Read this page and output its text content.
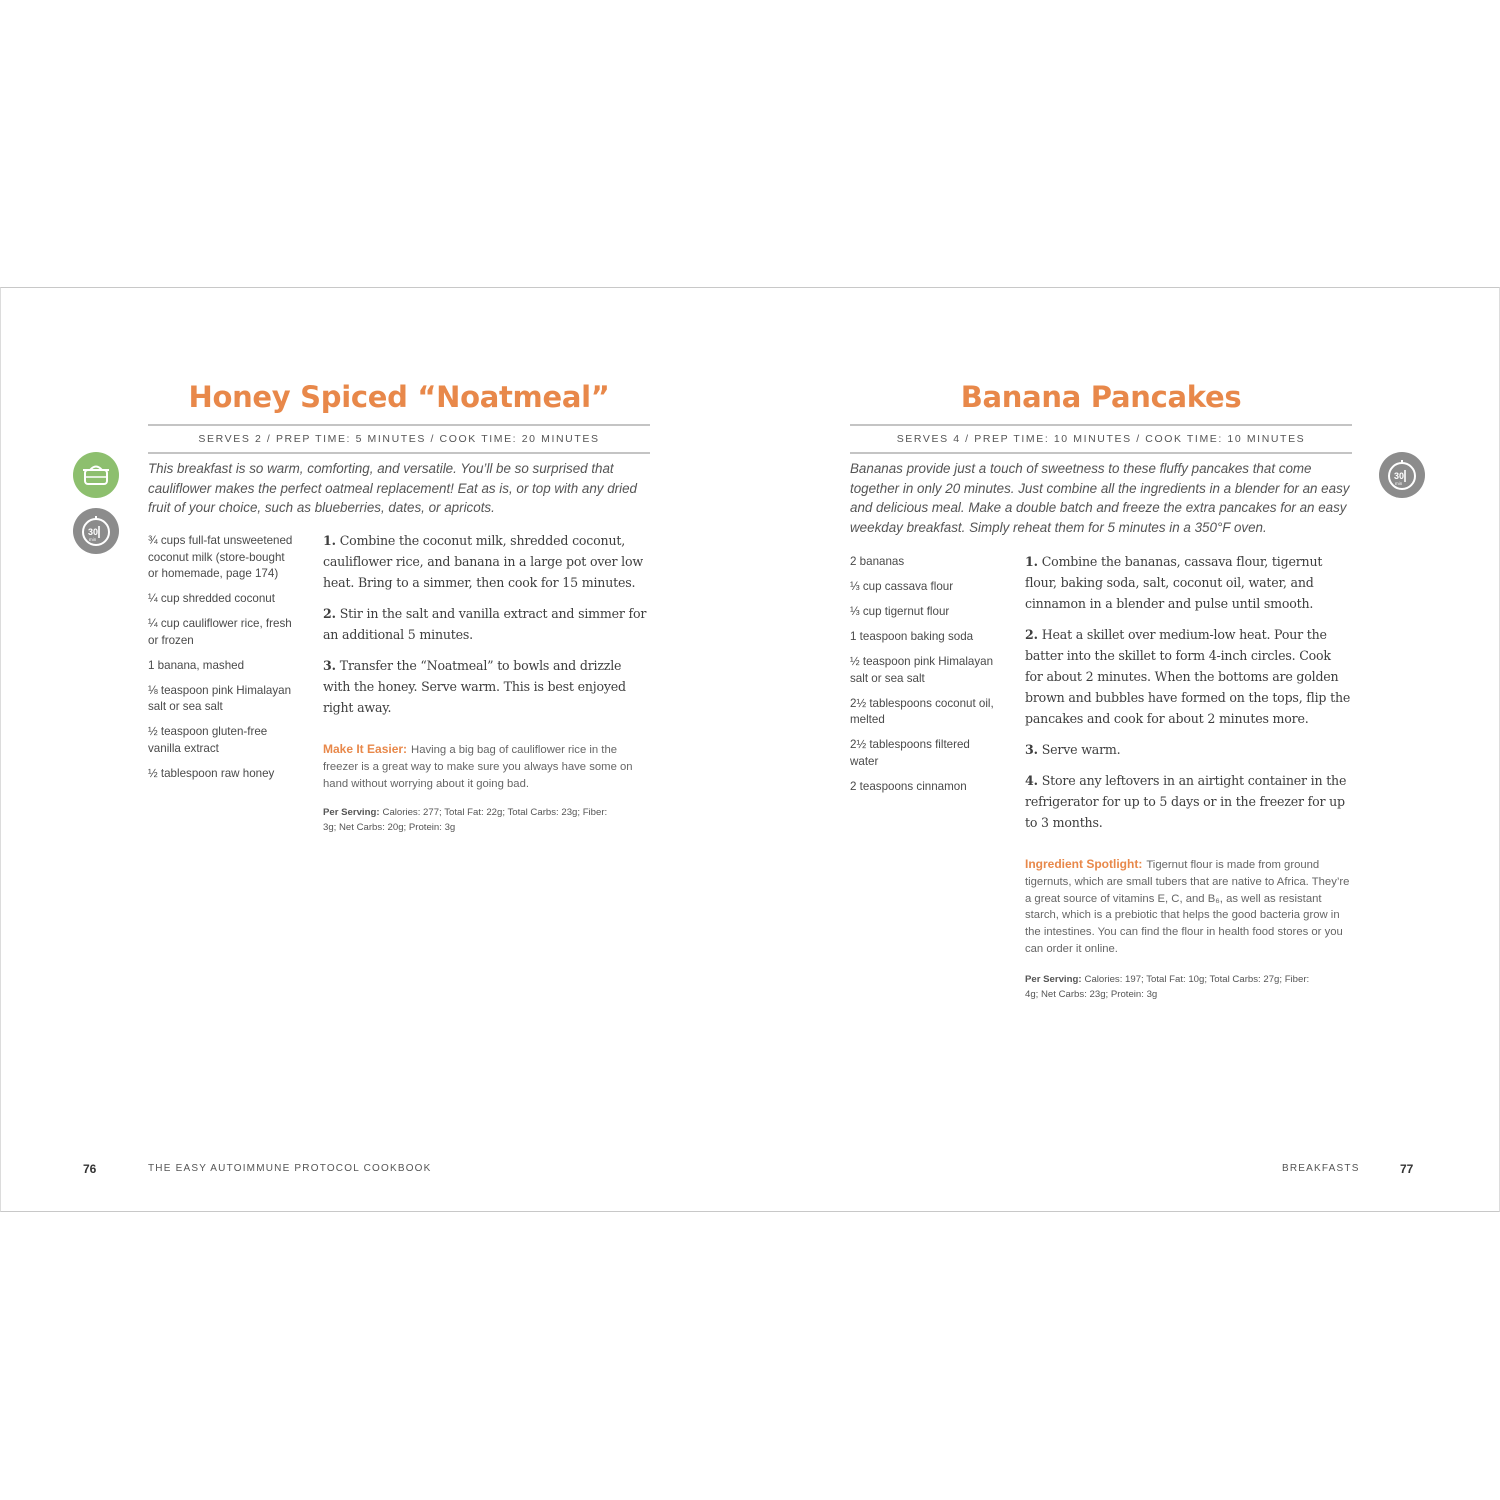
Honey Spiced “Noatmeal”
SERVES 2 / PREP TIME: 5 MINUTES / COOK TIME: 20 MINUTES
30
min

This breakfast is so warm, comforting, and versatile. You’ll be so surprised that cauliflower makes the perfect oatmeal replacement! Eat as is, or top with any dried fruit of your choice, such as blueberries, dates, or apricots.

¾ cups full-fat unsweetened coconut milk (store-bought or homemade, page 174)
¼ cup shredded coconut
¼ cup cauliflower rice, fresh or frozen
1 banana, mashed
⅛ teaspoon pink Himalayan salt or sea salt
½ teaspoon gluten-free vanilla extract
½ tablespoon raw honey
1. Combine the coconut milk, shredded coconut, cauliflower rice, and banana in a large pot over low heat. Bring to a simmer, then cook for 15 minutes.
2. Stir in the salt and vanilla extract and simmer for an additional 5 minutes.
3. Transfer the “Noatmeal” to bowls and drizzle with the honey. Serve warm. This is best enjoyed right away.

Make It Easier: Having a big bag of cauliflower rice in the freezer is a great way to make sure you always have some on hand without worrying about it going bad.

Per Serving: Calories: 277; Total Fat: 22g; Total Carbs: 23g; Fiber: 3g; Net Carbs: 20g; Protein: 3g

76	THE EASY AUTOIMMUNE PROTOCOL COOKBOOK
Banana Pancakes
SERVES 4 / PREP TIME: 10 MINUTES / COOK TIME: 10 MINUTES
30
min

Bananas provide just a touch of sweetness to these fluffy pancakes that come together in only 20 minutes. Just combine all the ingredients in a blender for an easy and delicious meal. Make a double batch and freeze the extra pancakes for an easy weekday breakfast. Simply reheat them for 5 minutes in a 350°F oven.

2 bananas
⅓ cup cassava flour
⅓ cup tigernut flour
1 teaspoon baking soda
½ teaspoon pink Himalayan salt or sea salt
2½ tablespoons coconut oil, melted
2½ tablespoons filtered water
2 teaspoons cinnamon
1. Combine the bananas, cassava flour, tigernut flour, baking soda, salt, coconut oil, water, and cinnamon in a blender and pulse until smooth.
2. Heat a skillet over medium-low heat. Pour the batter into the skillet to form 4-inch circles. Cook for about 2 minutes. When the bottoms are golden brown and bubbles have formed on the tops, flip the pancakes and cook for about 2 minutes more.
3. Serve warm.
4. Store any leftovers in an airtight container in the refrigerator for up to 5 days or in the freezer for up to 3 months.

Ingredient Spotlight: Tigernut flour is made from ground tigernuts, which are small tubers that are native to Africa. They’re a great source of vitamins E, C, and B₆, as well as resistant starch, which is a prebiotic that helps the good bacteria grow in the intestines. You can find the flour in health food stores or you can order it online.

Per Serving: Calories: 197; Total Fat: 10g; Total Carbs: 27g; Fiber: 4g; Net Carbs: 23g; Protein: 3g

BREAKFASTS	77
